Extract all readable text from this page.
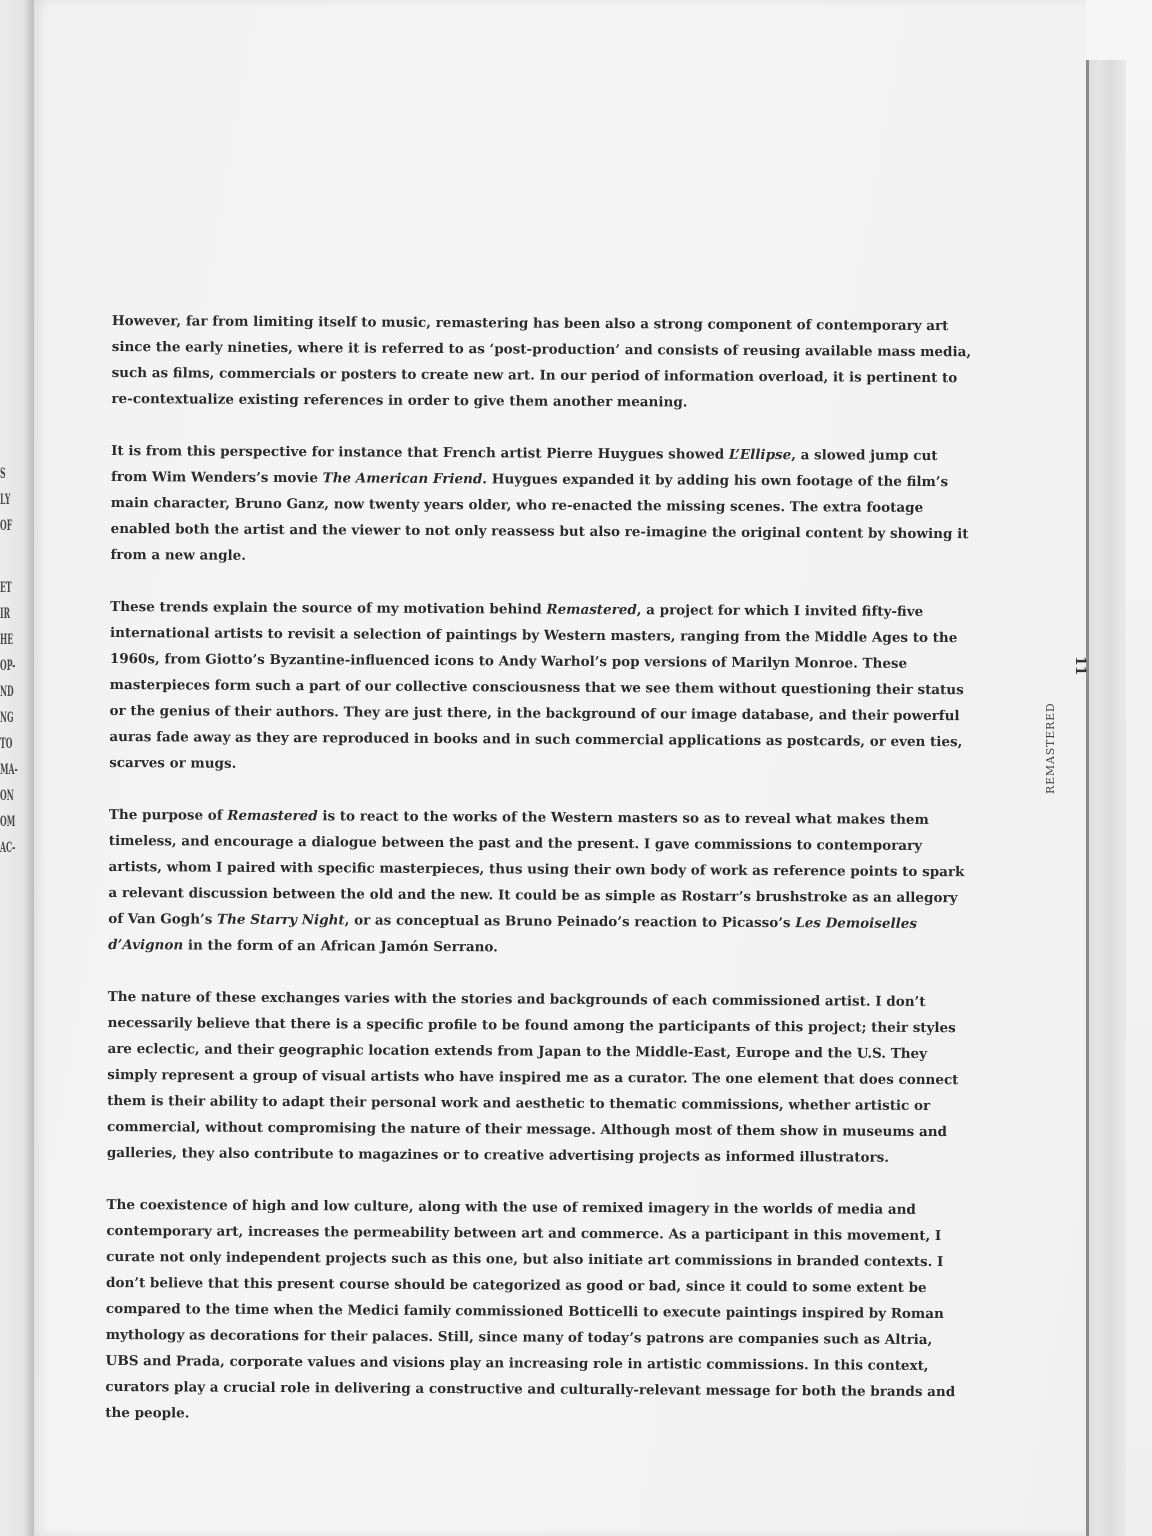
S
LY
OF
ET
IR
HE
OP-
ND
NG
TO
MA-
ON
OM
AC-

However, far from limiting itself to music, remastering has been also a strong component of contemporary art since the early nineties, where it is referred to as ‘post-production’ and consists of reusing available mass media, such as films, commercials or posters to create new art. In our period of information overload, it is pertinent to re-contextualize existing references in order to give them another meaning.

It is from this perspective for instance that French artist Pierre Huygues showed L’Ellipse, a slowed jump cut from Wim Wenders’s movie The American Friend. Huygues expanded it by adding his own footage of the film’s main character, Bruno Ganz, now twenty years older, who re-enacted the missing scenes. The extra footage enabled both the artist and the viewer to not only reassess but also re-imagine the original content by showing it from a new angle.

These trends explain the source of my motivation behind Remastered, a project for which I invited fifty-five international artists to revisit a selection of paintings by Western masters, ranging from the Middle Ages to the 1960s, from Giotto’s Byzantine-influenced icons to Andy Warhol’s pop versions of Marilyn Monroe. These masterpieces form such a part of our collective consciousness that we see them without questioning their status or the genius of their authors. They are just there, in the background of our image database, and their powerful auras fade away as they are reproduced in books and in such commercial applications as postcards, or even ties, scarves or mugs.

The purpose of Remastered is to react to the works of the Western masters so as to reveal what makes them timeless, and encourage a dialogue between the past and the present. I gave commissions to contemporary artists, whom I paired with specific masterpieces, thus using their own body of work as reference points to spark a relevant discussion between the old and the new. It could be as simple as Rostarr’s brushstroke as an allegory of Van Gogh’s The Starry Night, or as conceptual as Bruno Peinado’s reaction to Picasso’s Les Demoiselles d’Avignon in the form of an African Jamón Serrano.

The nature of these exchanges varies with the stories and backgrounds of each commissioned artist. I don’t necessarily believe that there is a specific profile to be found among the participants of this project; their styles are eclectic, and their geographic location extends from Japan to the Middle-East, Europe and the U.S. They simply represent a group of visual artists who have inspired me as a curator. The one element that does connect them is their ability to adapt their personal work and aesthetic to thematic commissions, whether artistic or commercial, without compromising the nature of their message. Although most of them show in museums and galleries, they also contribute to magazines or to creative advertising projects as informed illustrators.

The coexistence of high and low culture, along with the use of remixed imagery in the worlds of media and contemporary art, increases the permeability between art and commerce. As a participant in this movement, I curate not only independent projects such as this one, but also initiate art commissions in branded contexts. I don’t believe that this present course should be categorized as good or bad, since it could to some extent be compared to the time when the Medici family commissioned Botticelli to execute paintings inspired by Roman mythology as decorations for their palaces. Still, since many of today’s patrons are companies such as Altria, UBS and Prada, corporate values and visions play an increasing role in artistic commissions. In this context, curators play a crucial role in delivering a constructive and culturally-relevant message for both the brands and the people.

11
REMASTERED
